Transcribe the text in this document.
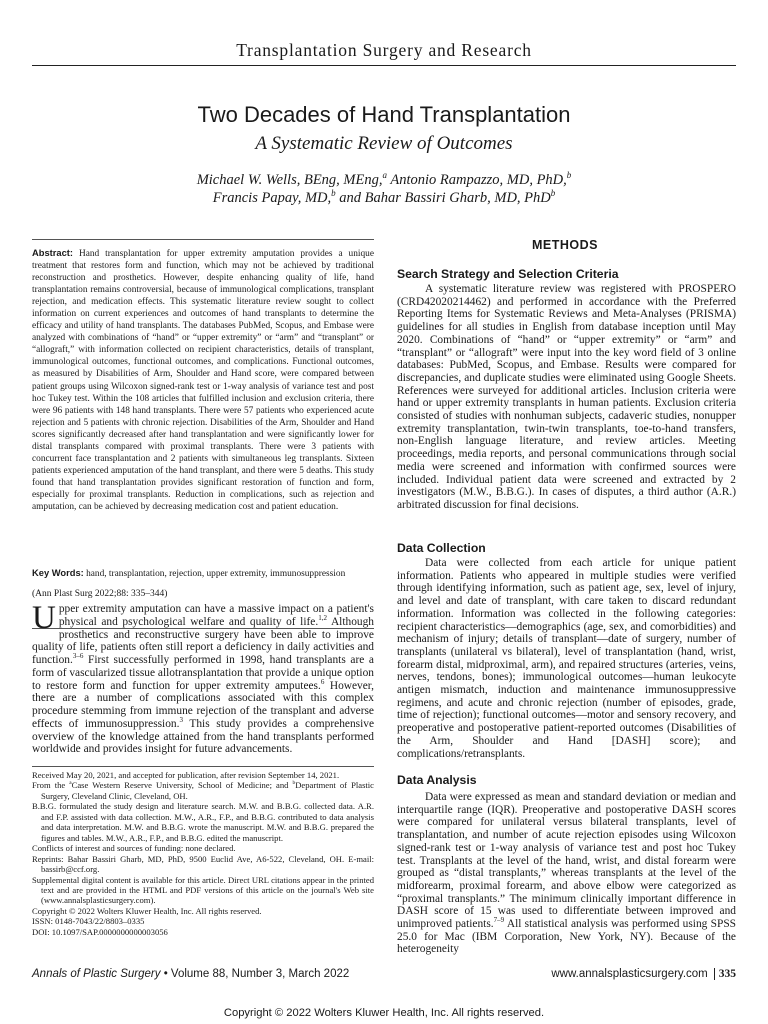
Transplantation Surgery and Research
Two Decades of Hand Transplantation
A Systematic Review of Outcomes
Michael W. Wells, BEng, MEng,$^a$ Antonio Rampazzo, MD, PhD,$^b$
Francis Papay, MD,$^b$ and Bahar Bassiri Gharb, MD, PhD$^b$
Abstract: Hand transplantation for upper extremity amputation provides a unique treatment that restores form and function, which may not be achieved by traditional reconstruction and prosthetics. However, despite enhancing quality of life, hand transplantation remains controversial, because of immunological complications, transplant rejection, and medication effects. This systematic literature review sought to collect information on current experiences and outcomes of hand transplants to determine the efficacy and utility of hand transplants. The databases PubMed, Scopus, and Embase were analyzed with combinations of “hand” or “upper extremity” or “arm” and “transplant” or “allograft,” with information collected on recipient characteristics, details of transplant, immunological outcomes, functional outcomes, and complications. Functional outcomes, as measured by Disabilities of Arm, Shoulder and Hand score, were compared between patient groups using Wilcoxon signed-rank test or 1-way analysis of variance test and post hoc Tukey test. Within the 108 articles that fulfilled inclusion and exclusion criteria, there were 96 patients with 148 hand transplants. There were 57 patients who experienced acute rejection and 5 patients with chronic rejection. Disabilities of the Arm, Shoulder and Hand scores significantly decreased after hand transplantation and were significantly lower for distal transplants compared with proximal transplants. There were 3 patients with concurrent face transplantation and 2 patients with simultaneous leg transplants. Sixteen patients experienced amputation of the hand transplant, and there were 5 deaths. This study found that hand transplantation provides significant restoration of function and form, especially for proximal transplants. Reduction in complications, such as rejection and amputation, can be achieved by decreasing medication cost and patient education.
Key Words: hand, transplantation, rejection, upper extremity, immunosuppression
(Ann Plast Surg 2022;88: 335–344)
Upper extremity amputation can have a massive impact on a patient's physical and psychological welfare and quality of life.$^{1,2}$ Although prosthetics and reconstructive surgery have been able to improve quality of life, patients often still report a deficiency in daily activities and function.$^{3-6}$ First successfully performed in 1998, hand transplants are a form of vascularized tissue allotransplantation that provide a unique option to restore form and function for upper extremity amputees.$^6$ However, there are a number of complications associated with this complex procedure stemming from immune rejection of the transplant and adverse effects of immunosuppression.$^3$ This study provides a comprehensive overview of the knowledge attained from the hand transplants performed worldwide and provides insight for future advancements.
Received May 20, 2021, and accepted for publication, after revision September 14, 2021.
From the $^a$Case Western Reserve University, School of Medicine; and $^b$Department of Plastic Surgery, Cleveland Clinic, Cleveland, OH.
B.B.G. formulated the study design and literature search. M.W. and B.B.G. collected data. A.R. and F.P. assisted with data collection. M.W., A.R., F.P., and B.B.G. contributed to data analysis and data interpretation. M.W. and B.B.G. wrote the manuscript. M.W. and B.B.G. prepared the figures and tables. M.W., A.R., F.P., and B.B.G. edited the manuscript.
Conflicts of interest and sources of funding: none declared.
Reprints: Bahar Bassiri Gharb, MD, PhD, 9500 Euclid Ave, A6-522, Cleveland, OH. E-mail: bassirb@ccf.org.
Supplemental digital content is available for this article. Direct URL citations appear in the printed text and are provided in the HTML and PDF versions of this article on the journal's Web site (www.annalsplasticsurgery.com).
Copyright © 2022 Wolters Kluwer Health, Inc. All rights reserved.
ISSN: 0148-7043/22/8803–0335
DOI: 10.1097/SAP.0000000000003056
METHODS
Search Strategy and Selection Criteria
A systematic literature review was registered with PROSPERO (CRD42020214462) and performed in accordance with the Preferred Reporting Items for Systematic Reviews and Meta-Analyses (PRISMA) guidelines for all studies in English from database inception until May 2020. Combinations of “hand” or “upper extremity” or “arm” and “transplant” or “allograft” were input into the key word field of 3 online databases: PubMed, Scopus, and Embase. Results were compared for discrepancies, and duplicate studies were eliminated using Google Sheets. References were surveyed for additional articles. Inclusion criteria were hand or upper extremity transplants in human patients. Exclusion criteria consisted of studies with nonhuman subjects, cadaveric studies, nonupper extremity transplantation, twin-twin transplants, toe-to-hand transfers, non-English language literature, and review articles. Meeting proceedings, media reports, and personal communications through social media were screened and information with confirmed sources were included. Individual patient data were screened and extracted by 2 investigators (M.W., B.B.G.). In cases of disputes, a third author (A.R.) arbitrated discussion for final decisions.
Data Collection
Data were collected from each article for unique patient information. Patients who appeared in multiple studies were verified through identifying information, such as patient age, sex, level of injury, and level and date of transplant, with care taken to discard redundant information. Information was collected in the following categories: recipient characteristics—demographics (age, sex, and comorbidities) and mechanism of injury; details of transplant—date of surgery, number of transplants (unilateral vs bilateral), level of transplantation (hand, wrist, forearm distal, midproximal, arm), and repaired structures (arteries, veins, nerves, tendons, bones); immunological outcomes—human leukocyte antigen mismatch, induction and maintenance immunosuppressive regimens, and acute and chronic rejection (number of episodes, grade, time of rejection); functional outcomes—motor and sensory recovery, and preoperative and postoperative patient-reported outcomes (Disabilities of the Arm, Shoulder and Hand [DASH] score); and complications/retransplants.
Data Analysis
Data were expressed as mean and standard deviation or median and interquartile range (IQR). Preoperative and postoperative DASH scores were compared for unilateral versus bilateral transplants, level of transplantation, and number of acute rejection episodes using Wilcoxon signed-rank test or 1-way analysis of variance test and post hoc Tukey test. Transplants at the level of the hand, wrist, and distal forearm were grouped as “distal transplants,” whereas transplants at the level of the midforearm, proximal forearm, and above elbow were categorized as “proximal transplants.” The minimum clinically important difference in DASH score of 15 was used to differentiate between improved and unimproved patients.$^{7-9}$ All statistical analysis was performed using SPSS 25.0 for Mac (IBM Corporation, New York, NY). Because of the heterogeneity
Annals of Plastic Surgery • Volume 88, Number 3, March 2022	www.annalsplasticsurgery.com 335
Copyright © 2022 Wolters Kluwer Health, Inc. All rights reserved.
